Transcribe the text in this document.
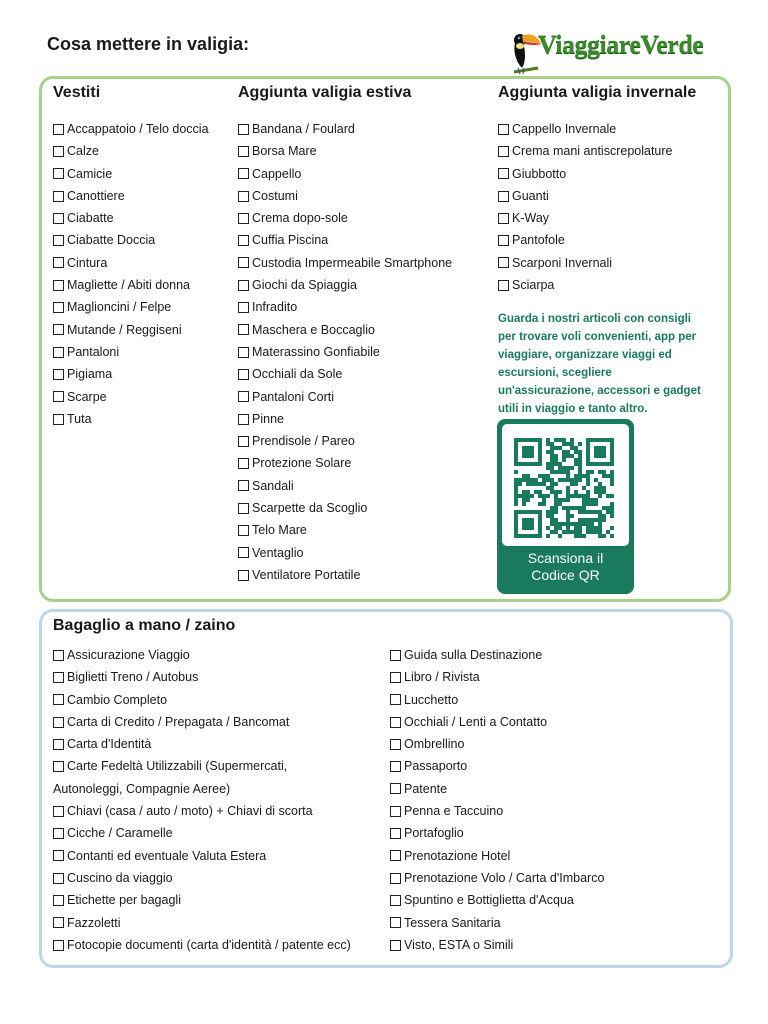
Cosa mettere in valigia:	ViaggiareVerde
Vestiti
Accappatoio / Telo doccia
Calze
Camicie
Canottiere
Ciabatte
Ciabatte Doccia
Cintura
Magliette / Abiti donna
Maglioncini / Felpe
Mutande / Reggiseni
Pantaloni
Pigiama
Scarpe
Tuta
Aggiunta valigia estiva
Bandana / Foulard
Borsa Mare
Cappello
Costumi
Crema dopo-sole
Cuffia Piscina
Custodia Impermeabile Smartphone
Giochi da Spiaggia
Infradito
Maschera e Boccaglio
Materassino Gonfiabile
Occhiali da Sole
Pantaloni Corti
Pinne
Prendisole / Pareo
Protezione Solare
Sandali
Scarpette da Scoglio
Telo Mare
Ventaglio
Ventilatore Portatile
Aggiunta valigia invernale
Cappello Invernale
Crema mani antiscrepolature
Giubbotto
Guanti
K-Way
Pantofole
Scarponi Invernali
Sciarpa
Guarda i nostri articoli con consigli
per trovare voli convenienti, app per
viaggiare, organizzare viaggi ed
escursioni, scegliere
un'assicurazione, accessori e gadget
utili in viaggio e tanto altro.
Scansiona il
Codice QR
Bagaglio a mano / zaino
Assicurazione Viaggio
Biglietti Treno / Autobus
Cambio Completo
Carta di Credito / Prepagata / Bancomat
Carta d'Identità
Carte Fedeltà Utilizzabili (Supermercati,
Autonoleggi, Compagnie Aeree)
Chiavi (casa / auto / moto) + Chiavi di scorta
Cicche / Caramelle
Contanti ed eventuale Valuta Estera
Cuscino da viaggio
Etichette per bagagli
Fazzoletti
Fotocopie documenti (carta d'identità / patente ecc)
Guida sulla Destinazione
Libro / Rivista
Lucchetto
Occhiali / Lenti a Contatto
Ombrellino
Passaporto
Patente
Penna e Taccuino
Portafoglio
Prenotazione Hotel
Prenotazione Volo / Carta d'Imbarco
Spuntino e Bottiglietta d'Acqua
Tessera Sanitaria
Visto, ESTA o Simili
